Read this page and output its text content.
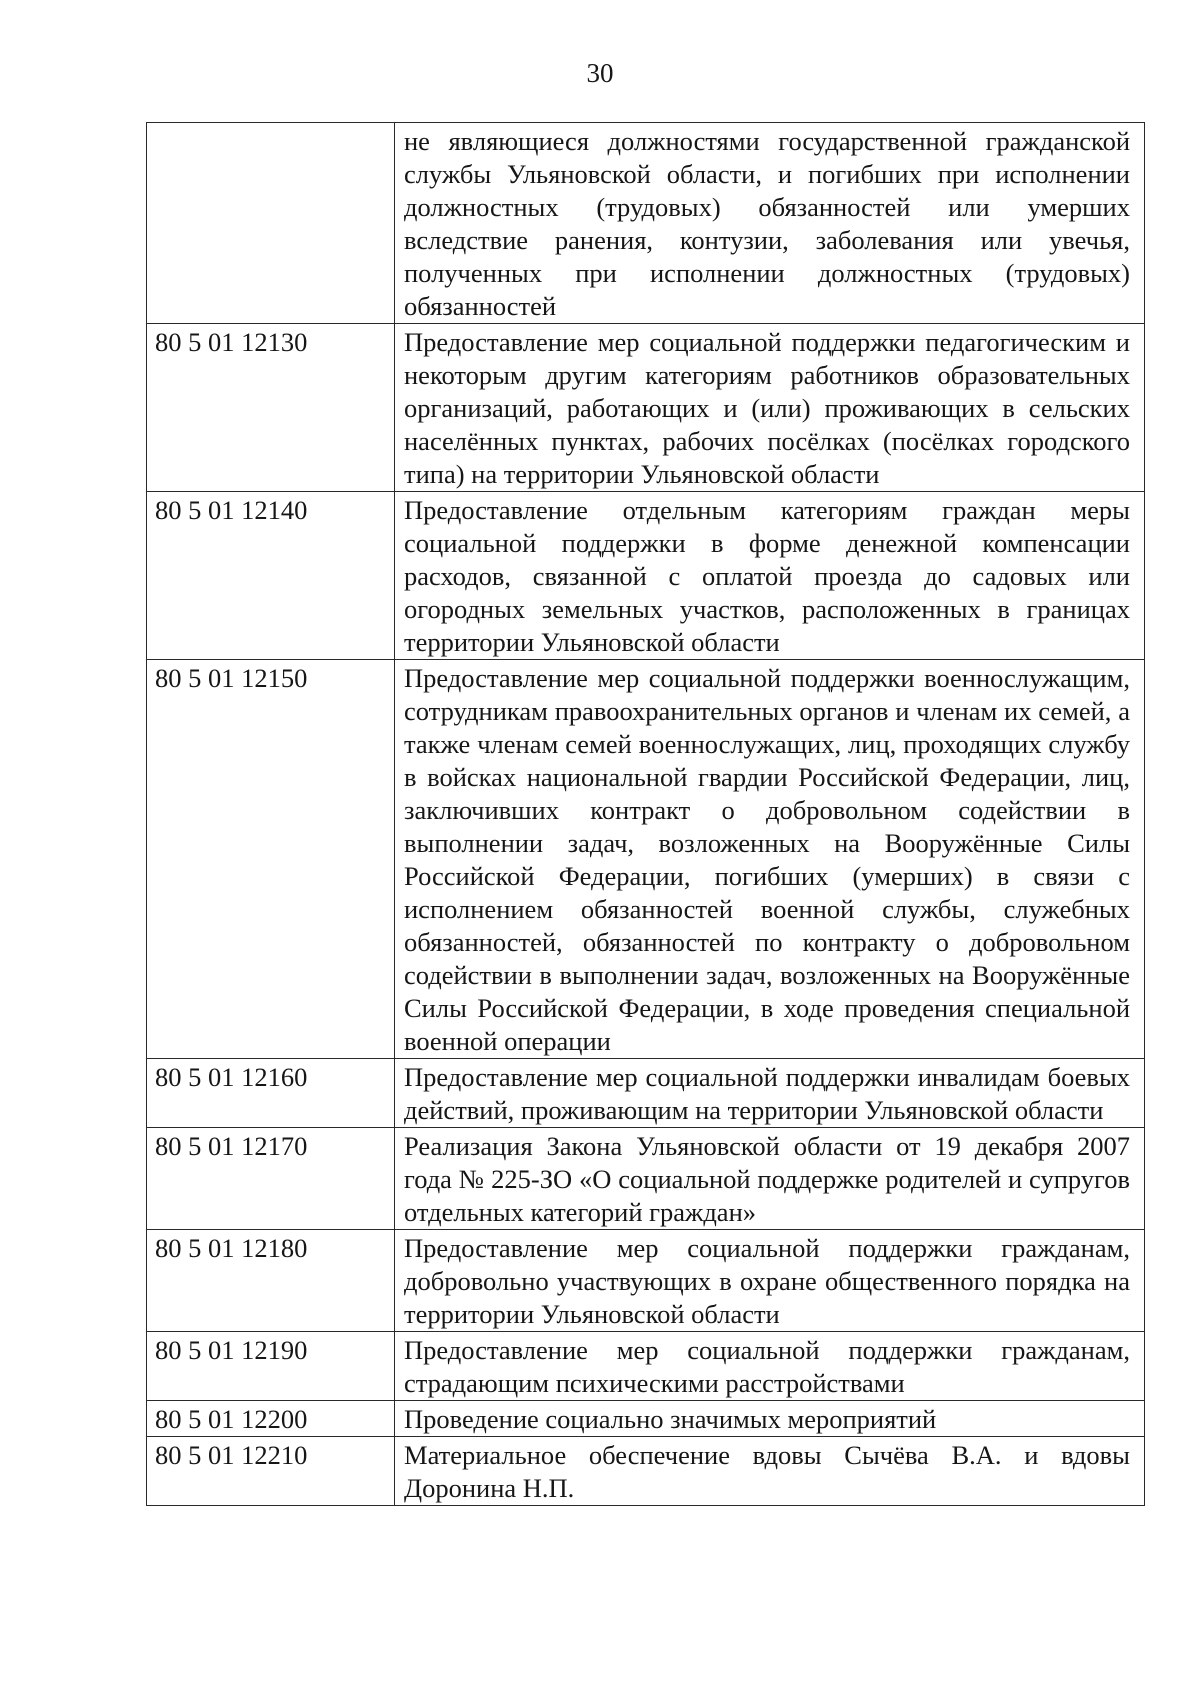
30
	не являющиеся должностями государственной гражданской службы Ульяновской области, и погибших при исполнении должностных (трудовых) обязанностей или умерших вследствие ранения, контузии, заболевания или увечья, полученных при исполнении должностных (трудовых) обязанностей
80 5 01 12130	Предоставление мер социальной поддержки педагогическим и некоторым другим категориям работников образовательных организаций, работающих и (или) проживающих в сельских населённых пунктах, рабочих посёлках (посёлках городского типа) на территории Ульяновской области
80 5 01 12140	Предоставление отдельным категориям граждан меры социальной поддержки в форме денежной компенсации расходов, связанной с оплатой проезда до садовых или огородных земельных участков, расположенных в границах территории Ульяновской области
80 5 01 12150	Предоставление мер социальной поддержки военнослужащим, сотрудникам правоохранительных органов и членам их семей, а также членам семей военнослужащих, лиц, проходящих службу в войсках национальной гвардии Российской Федерации, лиц, заключивших контракт о добровольном содействии в выполнении задач, возложенных на Вооружённые Силы Российской Федерации, погибших (умерших) в связи с исполнением обязанностей военной службы, служебных обязанностей, обязанностей по контракту о добровольном содействии в выполнении задач, возложенных на Вооружённые Силы Российской Федерации, в ходе проведения специальной военной операции
80 5 01 12160	Предоставление мер социальной поддержки инвалидам боевых действий, проживающим на территории Ульяновской области
80 5 01 12170	Реализация Закона Ульяновской области от 19 декабря 2007 года № 225-ЗО «О социальной поддержке родителей и супругов отдельных категорий граждан»
80 5 01 12180	Предоставление мер социальной поддержки гражданам, добровольно участвующих в охране общественного порядка на территории Ульяновской области
80 5 01 12190	Предоставление мер социальной поддержки гражданам, страдающим психическими расстройствами
80 5 01 12200	Проведение социально значимых мероприятий
80 5 01 12210	Материальное обеспечение вдовы Сычёва В.А. и вдовы Доронина Н.П.
